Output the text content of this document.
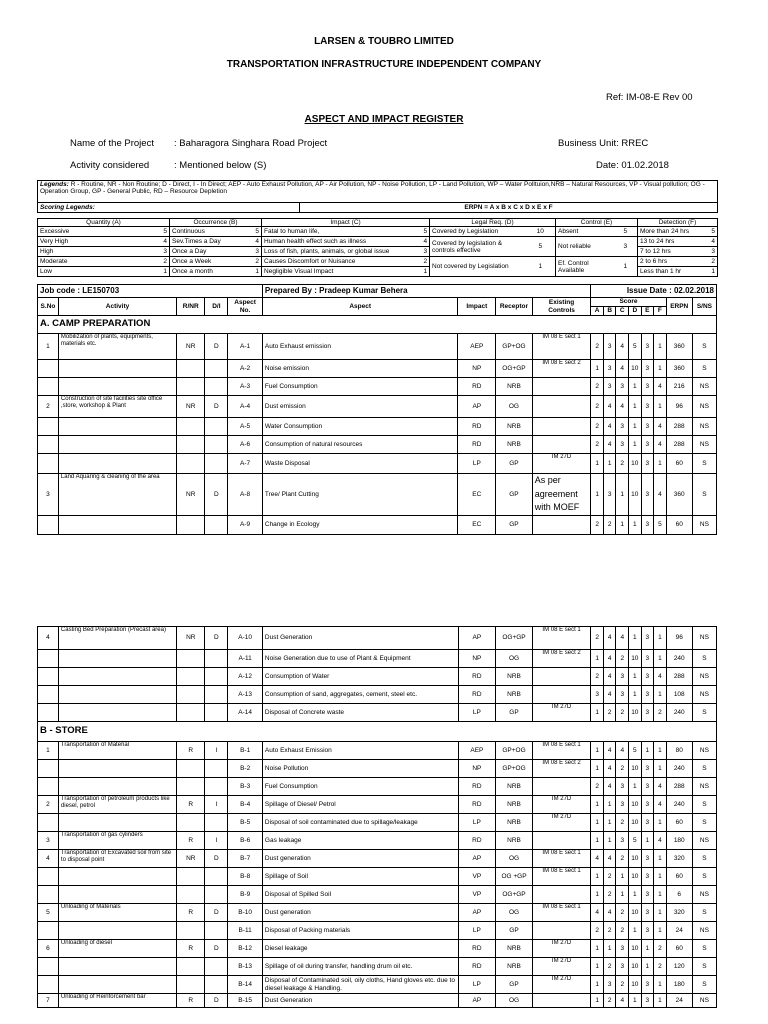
LARSEN & TOUBRO LIMITED
TRANSPORTATION INFRASTRUCTURE INDEPENDENT COMPANY
Ref: IM-08-E Rev 00
ASPECT AND IMPACT REGISTER
Name of the Project : Baharagora Singhara Road Project	Business Unit: RREC
Activity considered	: Mentioned below (S)	Date: 01.02.2018
Legends: R - Routine, NR - Non Routine; D - Direct, I - In Direct; AEP - Auto Exhaust Pollution, AP - Air Pollution, NP - Noise Pollution, LP - Land Pollution, WP – Water Polltuion,NRB – Natural Resources, VP - Visual pollution; OG - Operation Group, GP - General Public, RD – Resource Depletion
Scoring Legends:	ERPN = A x B x C x D x E x F
Quantity (A)		Occurrence (B)		Impact (C)		Legal Req. (D)		Control (E)		Detection (F)	
Excessive	5	Continuous	5	Fatal to human life,	5	Covered by Legislation	10	Absent	5	More than 24 hrs	5
Very High	4	Sev.Times a Day	4	Human health effect such as illness	4	Covered by legislation & controls effective	5	Not reliable	3	13 to 24 hrs	4
High	3	Once a Day	3	Loss of fish, plants, animals, or global issue	3					7 to 12 hrs	3
Moderate	2	Once a Week	2	Causes Discomfort or Nuisance	2	Not covered by Legislation	1	Ef. Control Available	1	2 to 6 hrs	2
Low	1	Once a month	1	Negligible Visual Impact	1					Less than 1 hr	1
Job code : LE150703					Prepared By : Pradeep Kumar Behera				Issue Date : 02.02.2018							
S.No	Activity	R/NR	D/I	Aspect No.	Aspect	Impact	Receptor	Existing Controls	Score						ERPN	S/NS
									A	B	C	D	E	F		
A. CAMP PREPARATION																
1	Mobilization of plants, equipments, materials etc.	NR	D	A-1	Auto Exhaust emission	AEP	GP+OG	IM 08 E sect 1	2	3	4	5	3	1	360	S
				A-2	Noise emission	NP	OG+GP	IM 08 E sect 2	1	3	4	10	3	1	360	S
				A-3	Fuel Consumption	RD	NRB		2	3	3	1	3	4	216	NS
2	Construction of site facilities site office ,store, workshop & Plant	NR	D	A-4	Dust emission	AP	OG		2	4	4	1	3	1	96	NS
				A-5	Water Consumption	RD	NRB		2	4	3	1	3	4	288	NS
				A-6	Consumption of natural resources	RD	NRB		2	4	3	1	3	4	288	NS
				A-7	Waste Disposal	LP	GP	IM 27D	1	1	2	10	3	1	60	S
3	Land Aquaring & cleaning of the area	NR	D	A-8	Tree/ Plant Cutting	EC	GP	As per agreement with MOEF	1	3	1	10	3	4	360	S
				A-9	Change in Ecology	EC	GP		2	2	1	1	3	5	60	NS
4	Casting Bed Preparation (Precast area)	NR	D	A-10	Dust Generation	AP	OG+GP	IM 08 E sect 1	2	4	4	1	3	1	96	NS
				A-11	Noise Generation due to use of Plant & Equipment	NP	OG	IM 08 E sect 2	1	4	2	10	3	1	240	S
				A-12	Consumption of Water	RD	NRB		2	4	3	1	3	4	288	NS
				A-13	Consumption of sand, aggregates, cement, steel etc.	RD	NRB		3	4	3	1	3	1	108	NS
				A-14	Disposal of Concrete waste	LP	GP	IM 27D	1	2	2	10	3	2	240	S
B - STORE																
1	Transportation of Material	R	I	B-1	Auto Exhaust Emission	AEP	GP+OG	IM 08 E sect 1	1	4	4	5	1	1	80	NS
				B-2	Noise Pollution	NP	GP+OG	IM 08 E sect 2	1	4	2	10	3	1	240	S
				B-3	Fuel Consumption	RD	NRB		2	4	3	1	3	4	288	NS
2	Transportation of petroleum products like diesel, petrol	R	I	B-4	Spillage of Diesel/ Petrol	RD	NRB	IM 27D	1	1	3	10	3	4	240	S
				B-5	Disposal of soil contaminated due to spillage/leakage	LP	NRB	IM 27D	1	1	2	10	3	1	60	S
3	Transportation of gas cylinders	R	I	B-6	Gas leakage	RD	NRB		1	1	3	5	1	4	180	NS
4	Transportation of Excavated soil from site to disposal point	NR	D	B-7	Dust generation	AP	OG	IM 08 E sect 1	4	4	2	10	3	1	320	S
				B-8	Spillage of Soil	VP	OG +GP	IM 08 E sect 1	1	2	1	10	3	1	60	S
				B-9	Disposal of Spilled Soil	VP	OG+GP		1	2	1	1	3	1	6	NS
5	Unloading of Materials	R	D	B-10	Dust generation	AP	OG	IM 08 E sect 1	4	4	2	10	3	1	320	S
				B-11	Disposal of Packing materials	LP	GP		2	2	2	1	3	1	24	NS
6	Unloading of diesel	R	D	B-12	Diesel leakage	RD	NRB	IM 27D	1	1	3	10	1	2	60	S
				B-13	Spillage of oil during transfer, handling drum oil etc.	RD	NRB	IM 27D	1	2	3	10	1	2	120	S
				B-14	Disposal of Contaminated soil, oily cloths, Hand gloves etc. due to diesel leakage & Handling.	LP	GP	IM 27D	1	3	2	10	3	1	180	S
7	Unloading of Reinforcement bar	R	D	B-15	Dust Generation	AP	OG		1	2	4	1	3	1	24	NS
